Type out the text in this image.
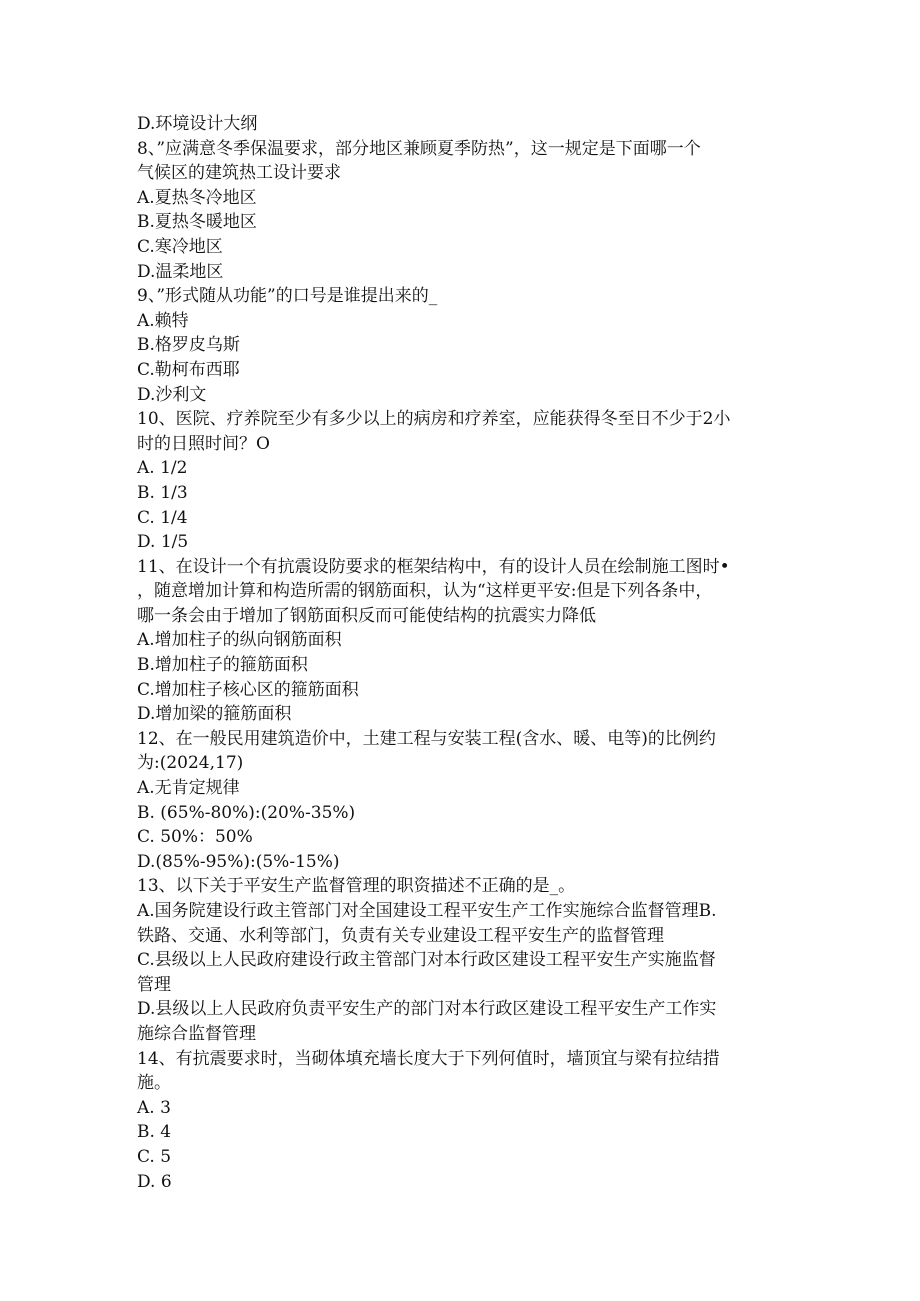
D.环境设计大纲
8、”应满意冬季保温要求，部分地区兼顾夏季防热”，这一规定是下面哪一个
气候区的建筑热工设计要求
A.夏热冬冷地区
B.夏热冬暖地区
C.寒冷地区
D.温柔地区
9、”形式随从功能”的口号是谁提出来的_
A.赖特
B.格罗皮乌斯
C.勒柯布西耶
D.沙利文
10、医院、疗养院至少有多少以上的病房和疗养室，应能获得冬至日不少于2小
时的日照时间？O
A. 1/2
B. 1/3
C. 1/4
D. 1/5
11、在设计一个有抗震设防要求的框架结构中，有的设计人员在绘制施工图时•
，随意增加计算和构造所需的钢筋面积，认为“这样更平安:但是下列各条中，
哪一条会由于增加了钢筋面积反而可能使结构的抗震实力降低
A.增加柱子的纵向钢筋面积
B.增加柱子的箍筋面积
C.增加柱子核心区的箍筋面积
D.增加梁的箍筋面积
12、在一般民用建筑造价中，土建工程与安装工程(含水、暖、电等)的比例约
为:(2024,17)
A.无肯定规律
B. (65%-80%):(20%-35%)
C. 50%：50%
D.(85%-95%):(5%-15%)
13、以下关于平安生产监督管理的职资描述不正确的是_。
A.国务院建设行政主管部门对全国建设工程平安生产工作实施综合监督管理B.
铁路、交通、水利等部门，负责有关专业建设工程平安生产的监督管理
C.县级以上人民政府建设行政主管部门对本行政区建设工程平安生产实施监督
管理
D.县级以上人民政府负责平安生产的部门对本行政区建设工程平安生产工作实
施综合监督管理
14、有抗震要求时，当砌体填充墙长度大于下列何值时，墙顶宜与梁有拉结措
施。
A. 3
B. 4
C. 5
D. 6
